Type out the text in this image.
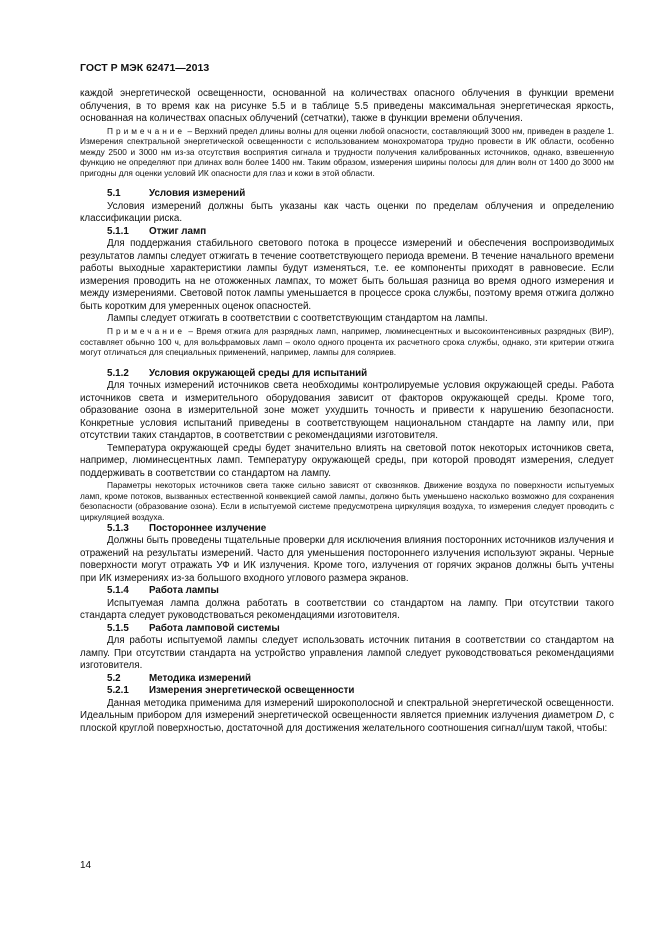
ГОСТ Р МЭК 62471—2013

каждой энергетической освещенности, основанной на количествах опасного облучения в функции времени облучения, в то время как на рисунке 5.5 и в таблице 5.5 приведены максимальная энергетическая яркость, основанная на количествах опасных облучений (сетчатки), также в функции времени облучения.

Примечание – Верхний предел длины волны для оценки любой опасности, составляющий 3000 нм, приведен в разделе 1. Измерения спектральной энергетической освещенности с использованием монохроматора трудно провести в ИК области, особенно между 2500 и 3000 нм из-за отсутствия восприятия сигнала и трудности получения калиброванных источников, однако, взвешенную функцию не определяют при длинах волн более 1400 нм. Таким образом, измерения ширины полосы для длин волн от 1400 до 3000 нм пригодны для оценки условий ИК опасности для глаз и кожи в этой области.

5.1	Условия измерений

Условия измерений должны быть указаны как часть оценки по пределам облучения и определению классификации риска.

5.1.1 Отжиг ламп

Для поддержания стабильного светового потока в процессе измерений и обеспечения воспроизводимых результатов лампы следует отжигать в течение соответствующего периода времени. В течение начального времени работы выходные характеристики лампы будут изменяться, т.е. ее компоненты приходят в равновесие. Если измерения проводить на не отожженных лампах, то может быть большая разница во время одного измерения и между измерениями. Световой поток лампы уменьшается в процессе срока службы, поэтому время отжига должно быть коротким для умеренных оценок опасностей.

Лампы следует отжигать в соответствии с соответствующим стандартом на лампы.

Примечание – Время отжига для разрядных ламп, например, люминесцентных и высокоинтенсивных разрядных (ВИР), составляет обычно 100 ч, для вольфрамовых ламп – около одного процента их расчетного срока службы, однако, эти критерии отжига могут отличаться для специальных применений, например, лампы для соляриев.

5.1.2 Условия окружающей среды для испытаний

Для точных измерений источников света необходимы контролируемые условия окружающей среды. Работа источников света и измерительного оборудования зависит от факторов окружающей среды. Кроме того, образование озона в измерительной зоне может ухудшить точность и привести к нарушению безопасности. Конкретные условия испытаний приведены в соответствующем национальном стандарте на лампу или, при отсутствии таких стандартов, в соответствии с рекомендациями изготовителя.

Температура окружающей среды будет значительно влиять на световой поток некоторых источников света, например, люминесцентных ламп. Температуру окружающей среды, при которой проводят измерения, следует поддерживать в соответствии со стандартом на лампу.

Параметры некоторых источников света также сильно зависят от сквозняков. Движение воздуха по поверхности испытуемых ламп, кроме потоков, вызванных естественной конвекцией самой лампы, должно быть уменьшено насколько возможно для сохранения безопасности (образование озона). Если в испытуемой системе предусмотрена циркуляция воздуха, то измерения следует проводить с циркуляцией воздуха.

5.1.3 Постороннее излучение

Должны быть проведены тщательные проверки для исключения влияния посторонних источников излучения и отражений на результаты измерений. Часто для уменьшения постороннего излучения используют экраны. Черные поверхности могут отражать УФ и ИК излучения. Кроме того, излучения от горячих экранов должны быть учтены при ИК измерениях из-за большого входного углового размера экранов.

5.1.4 Работа лампы

Испытуемая лампа должна работать в соответствии со стандартом на лампу. При отсутствии такого стандарта следует руководствоваться рекомендациями изготовителя.

5.1.5 Работа ламповой системы

Для работы испытуемой лампы следует использовать источник питания в соответствии со стандартом на лампу. При отсутствии стандарта на устройство управления лампой следует руководствоваться рекомендациями изготовителя.

5.2	Методика измерений

5.2.1 Измерения энергетической освещенности

Данная методика применима для измерений широкополосной и спектральной энергетической освещенности. Идеальным прибором для измерений энергетической освещенности является приемник излучения диаметром D, с плоской круглой поверхностью, достаточной для достижения желательного соотношения сигнал/шум такой, чтобы:

14
